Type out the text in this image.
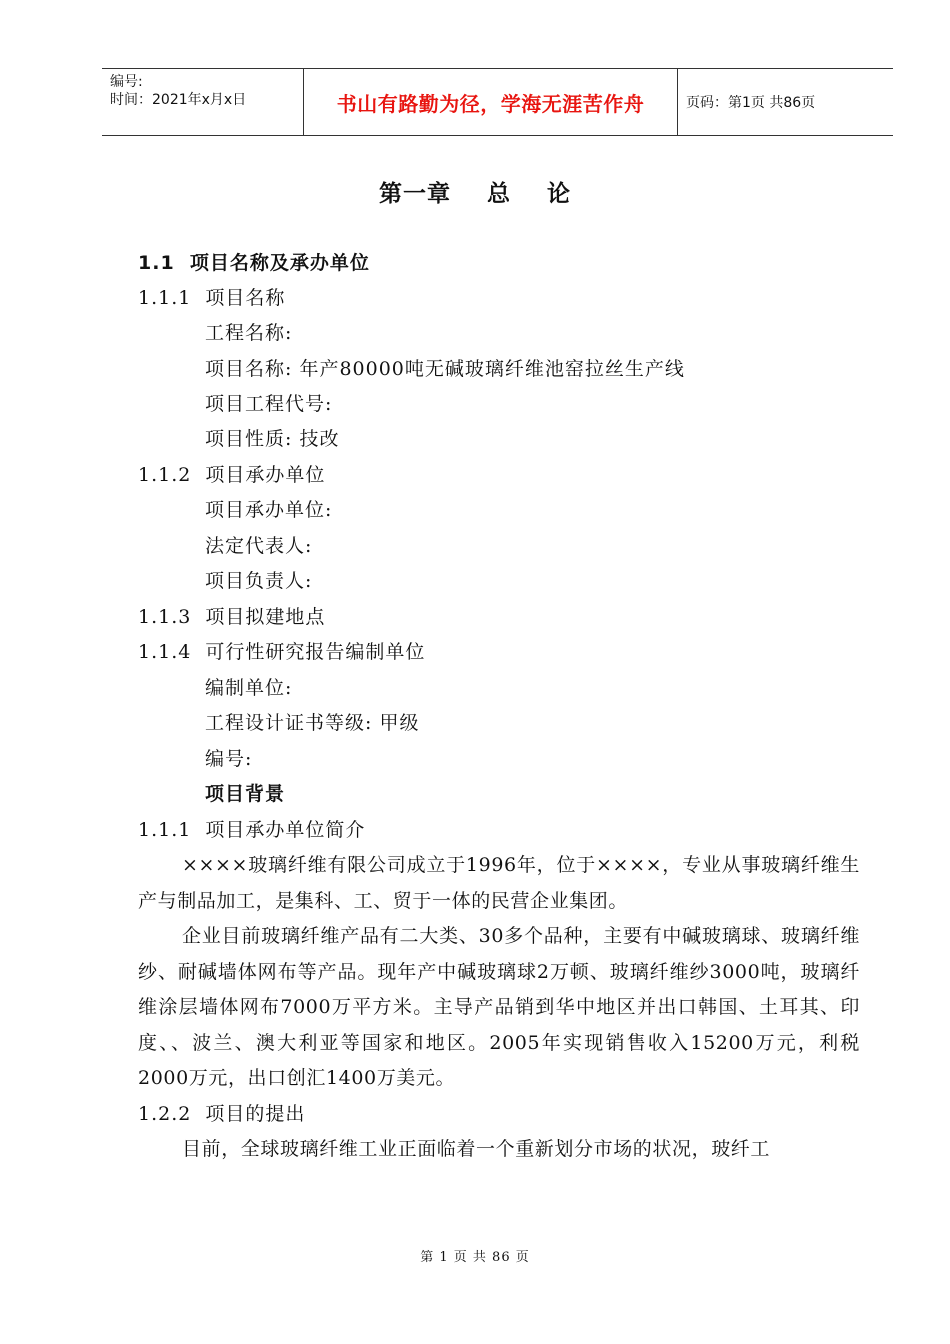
编号:
时间：2021年x月x日	书山有路勤为径，学海无涯苦作舟	页码：第1页 共86页
第一章    总    论
1.1  项目名称及承办单位
1.1.1  项目名称
工程名称:
项目名称: 年产80000吨无碱玻璃纤维池窑拉丝生产线
项目工程代号:
项目性质: 技改
1.1.2  项目承办单位
项目承办单位:
法定代表人:
项目负责人:
1.1.3  项目拟建地点
1.1.4  可行性研究报告编制单位
编制单位:
工程设计证书等级: 甲级
编号:
项目背景
1.1.1  项目承办单位简介
××××玻璃纤维有限公司成立于1996年，位于××××，专业从事玻璃纤维生产与制品加工，是集科、工、贸于一体的民营企业集团。
企业目前玻璃纤维产品有二大类、30多个品种，主要有中碱玻璃球、玻璃纤维纱、耐碱墙体网布等产品。现年产中碱玻璃球2万顿、玻璃纤维纱3000吨，玻璃纤维涂层墙体网布7000万平方米。主导产品销到华中地区并出口韩国、土耳其、印度、、波兰、澳大利亚等国家和地区。2005年实现销售收入15200万元，利税2000万元，出口创汇1400万美元。
1.2.2  项目的提出
目前，全球玻璃纤维工业正面临着一个重新划分市场的状况，玻纤工
第 1 页 共 86 页
